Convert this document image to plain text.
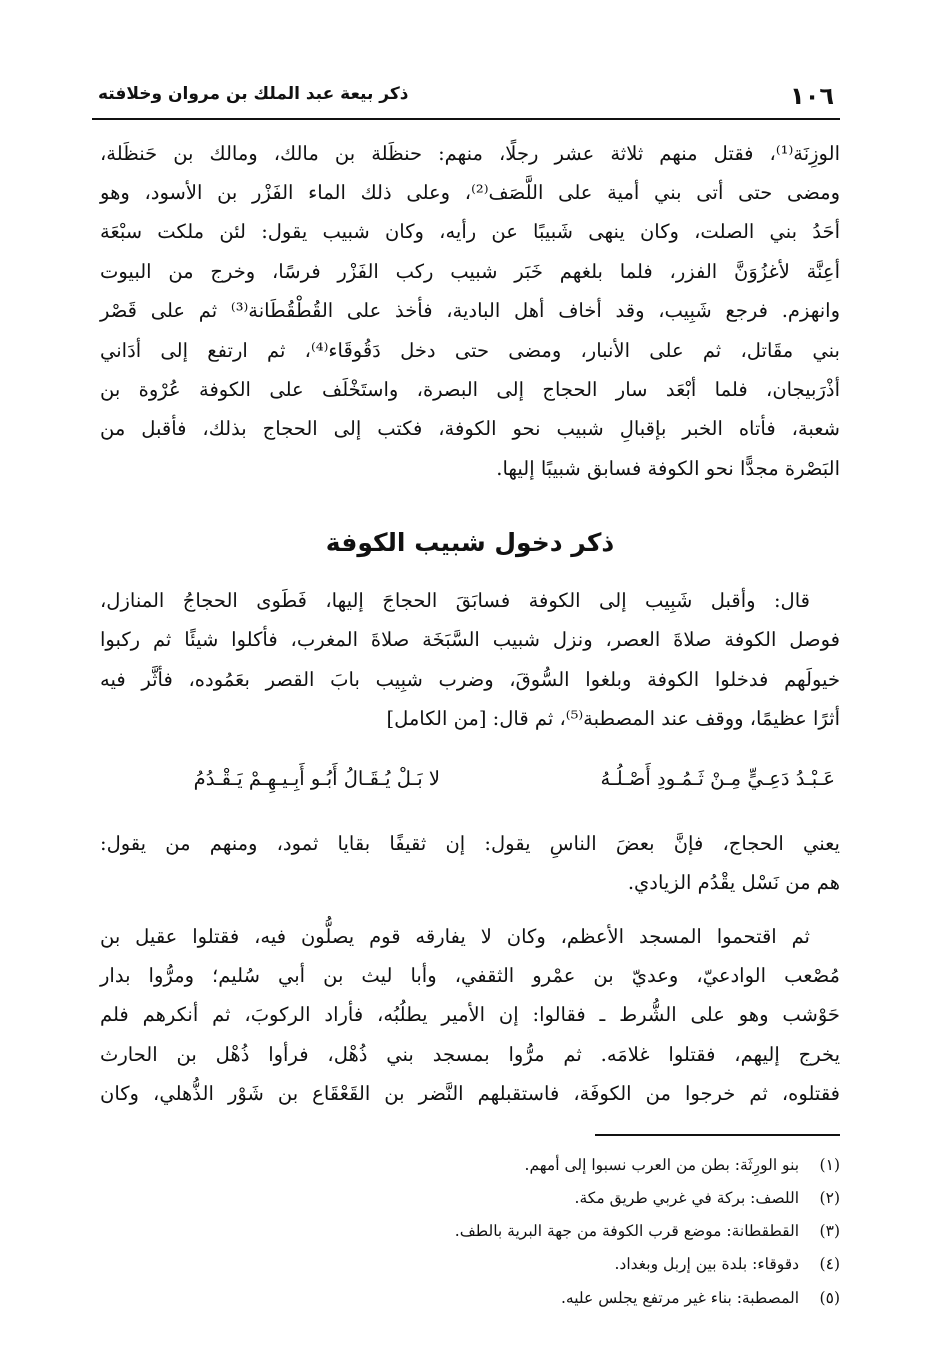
١٠٦
ذكر بيعة عبد الملك بن مروان وخلافته
الوزِنَة⁽¹⁾، فقتل منهم ثلاثة عشر رجلًا، منهم: حنظَلة بن مالك، ومالك بن حَنظَلة،
ومضى حتى أتى بني أمية على اللَّصَف⁽²⁾، وعلى ذلك الماء الفَزْر بن الأسود، وهو
أحَدُ بني الصلت، وكان ينهى شَبيبًا عن رأيه، وكان شبيب يقول: لئن ملكت سبْعَة
أعِنَّة لأغزُوَنَّ الفزر، فلما بلغهم خَبَر شبيب ركب الفَزْر فرسًا، وخرج من البيوت
وانهزم. فرجع شَبِيب، وقد أخاف أهل البادية، فأخذ على القُطْقُطَانة⁽³⁾ ثم على قَصْر
بني مقَاتل، ثم على الأنبار، ومضى حتى دخل دَقُوقَاء⁽⁴⁾، ثم ارتفع إلى أدَاني
أذْرَبيجان، فلما أبْعَد سار الحجاج إلى البصرة، واستَخْلَف على الكوفة عُرْوة بن
شعبة، فأتاه الخبر بإقبالِ شبيب نحو الكوفة، فكتب إلى الحجاج بذلك، فأقبل من
البَصْرة مجدًّا نحو الكوفة فسابق شبيبًا إليها.
ذكر دخول شبيب الكوفة
قال: وأقبل شَبِيب إلى الكوفة فسابَقَ الحجاجَ إليها، فَطَوى الحجاجُ المنازل،
فوصل الكوفة صلاةَ العصر، ونزل شبيب السَّبَخَة صلاةَ المغرب، فأكلوا شيئًا ثم ركبوا
خيولَهم فدخلوا الكوفة وبلغوا السُّوقَ، وضرب شبِيب بابَ القصر بعَمُوده، فأثَّر فيه
أثرًا عظيمًا، ووقف عند المصطبة⁽⁵⁾، ثم قال: [من الكامل]
عَـبْـدُ دَعِـيٍّ مِـنْ ثَـمُـودِ أَصْـلُـهُ
لا بَـلْ يُـقَـالُ أَبُـو أَبِـيـهِـمْ يَـقْـدُمُ
يعني الحجاج، فإنَّ بعضَ الناسِ يقول: إن ثقيفًا بقايا ثمود، ومنهم من يقول:
هم من نَسْل يقْدُم الزيادي.
ثم اقتحموا المسجد الأعظم، وكان لا يفارقه قوم يصلُّون فيه، فقتلوا عقيل بن
مُصْعب الوادعيّ، وعديّ بن عمْرو الثقفي، وأبا ليث بن أبي سُليم؛ ومرُّوا بدار
حَوْشب وهو على الشُّرط ـ فقالوا: إن الأمير يطلُبُه، فأراد الركوبَ، ثم أنكرهم فلم
يخرج إليهم، فقتلوا غلامَه. ثم مرُّوا بمسجد بني ذُهْل، فرأوا ذُهْل بن الحارث
فقتلوه، ثم خرجوا من الكوفَة، فاستقبلهم النَّضر بن القَعْقَاع بن شَوْر الذُّهلي، وكان
(١) بنو الورِثَة: بطن من العرب نسبوا إلى أمهم.
(٢) اللصف: بركة في غربي طريق مكة.
(٣) القطقطانة: موضع قرب الكوفة من جهة البرية بالطف.
(٤) دقوقاء: بلدة بين إربل وبغداد.
(٥) المصطبة: بناء غير مرتفع يجلس عليه.
